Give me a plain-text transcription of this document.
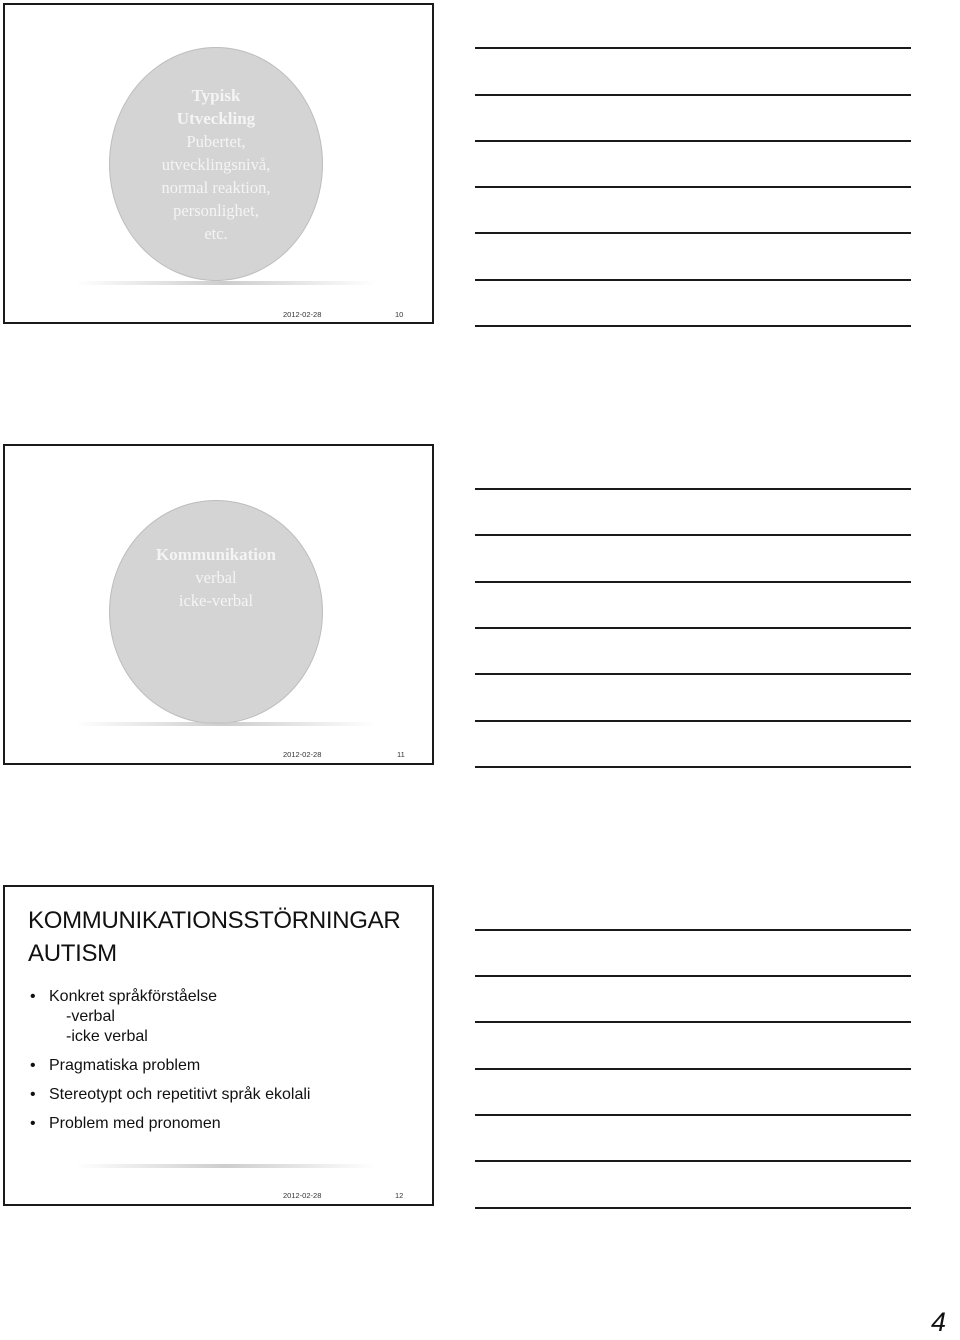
Typisk
Utveckling
Pubertet,
utvecklingsnivå,
normal reaktion,
personlighet,
etc.
2012-02-28	10
Kommunikation
verbal
icke-verbal
2012-02-28	11
KOMMUNIKATIONSSTÖRNINGAR
AUTISM
• Konkret språkförståelse
-verbal
-icke verbal
• Pragmatiska problem
• Stereotypt och repetitivt språk ekolali
• Problem med pronomen
2012-02-28	12
4
